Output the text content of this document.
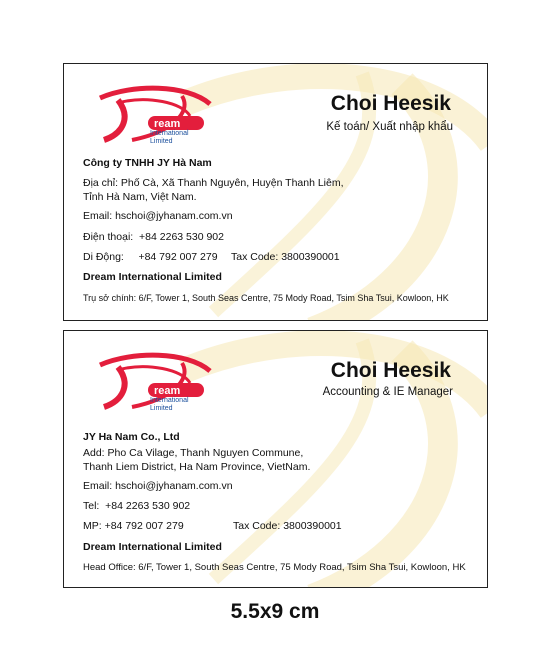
ream
International
Limited
Choi Heesik
Kế toán/ Xuất nhập khẩu
Công ty TNHH JY Hà Nam
Địa chỉ: Phố Cà, Xã Thanh Nguyên, Huyện Thanh Liêm,
Tỉnh Hà Nam, Việt Nam.
Email: hschoi@jyhanam.com.vn
Điện thoại:  +84 2263 530 902
Di Động:     +84 792 007 279 Tax Code: 3800390001
Dream International Limited
Trụ sở chính: 6/F, Tower 1, South Seas Centre, 75 Mody Road, Tsim Sha Tsui, Kowloon, HK
ream
International
Limited
Choi Heesik
Accounting & IE Manager
JY Ha Nam Co., Ltd
Add: Pho Ca Vilage, Thanh Nguyen Commune,
Thanh Liem District, Ha Nam Province, VietNam.
Email: hschoi@jyhanam.com.vn
Tel:  +84 2263 530 902
MP: +84 792 007 279	Tax Code: 3800390001
Dream International Limited
Head Office: 6/F, Tower 1, South Seas Centre, 75 Mody Road, Tsim Sha Tsui, Kowloon, HK
5.5x9 cm
